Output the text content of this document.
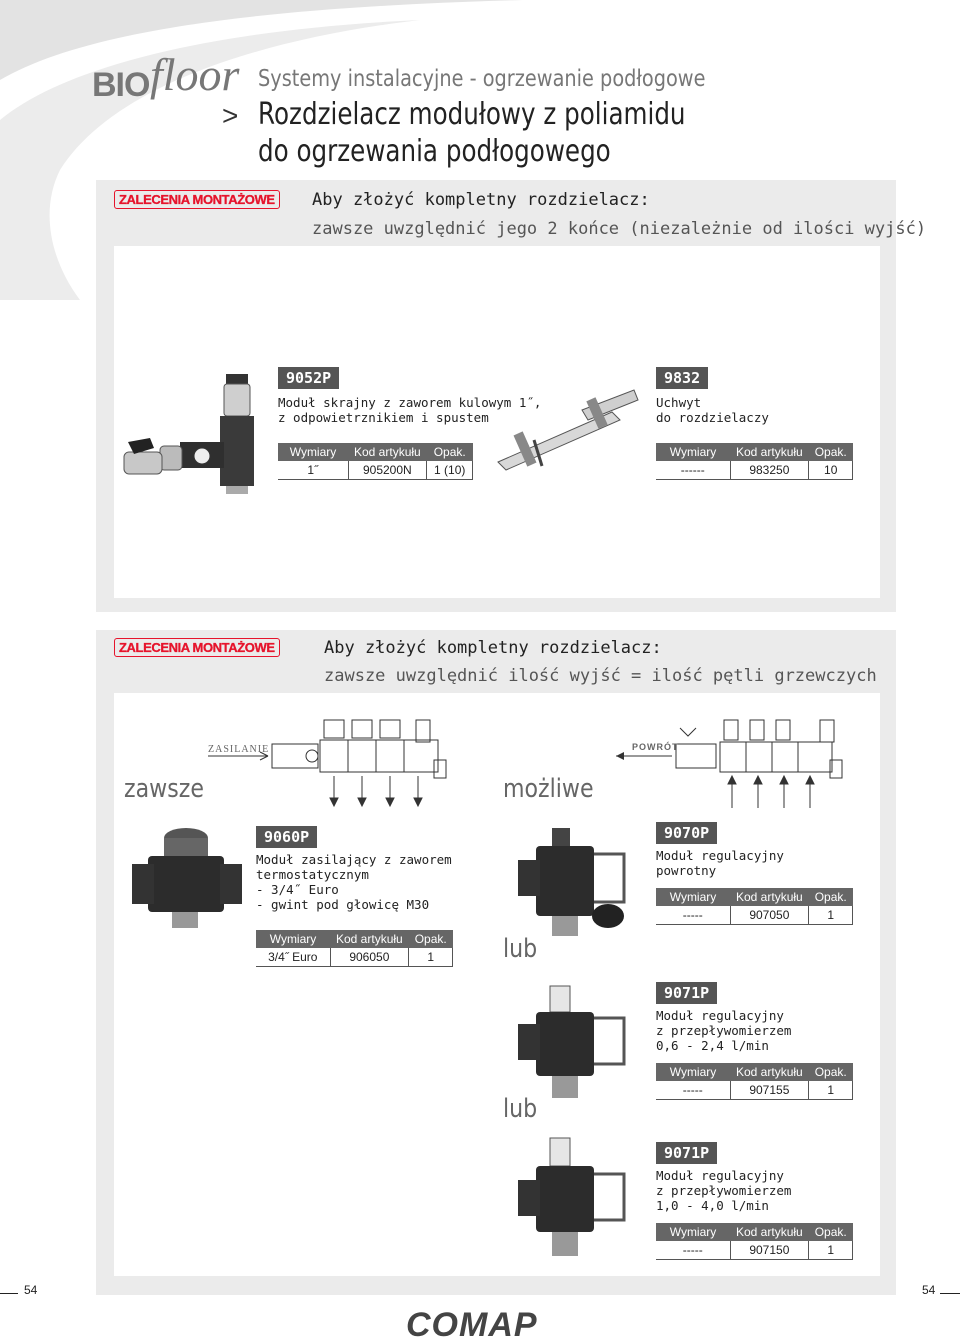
BIO floor Systemy instalacyjne - ogrzewanie podłogowe
> Rozdzielacz modułowy z poliamidu
do ogrzewania podłogowego
ZALECENIA MONTAŻOWE Aby złożyć kompletny rozdzielacz:
zawsze uwzględnić jego 2 końce (niezależnie od ilości wyjść)
9052P
Moduł skrajny z zaworem kulowym 1˝,
z odpowietrznikiem i spustem
Wymiary	Kod artykułu	Opak.
1˝	905200N	1 (10)
9832
Uchwyt
do rozdzielaczy
Wymiary	Kod artykułu	Opak.
------	983250	10
ZALECENIA MONTAŻOWE	Aby złożyć kompletny rozdzielacz:
zawsze uwzględnić ilość wyjść = ilość pętli grzewczych
ZASILANIE
zawsze	możliwe
POWRÓT
9060P
Moduł zasilający z zaworem
termostatycznym
- 3/4˝ Euro
- gwint pod głowicę M30
Wymiary	Kod artykułu	Opak.
3/4˝ Euro	906050	1
9070P
Moduł regulacyjny
powrotny
Wymiary	Kod artykułu	Opak.
-----	907050	1
lub
9071P
Moduł regulacyjny
z przepływomierzem
0,6 - 2,4 l/min
Wymiary	Kod artykułu	Opak.
-----	907155	1
lub
9071P
Moduł regulacyjny
z przepływomierzem
1,0 - 4,0 l/min
Wymiary	Kod artykułu	Opak.
-----	907150	1
54	54
COMAP
